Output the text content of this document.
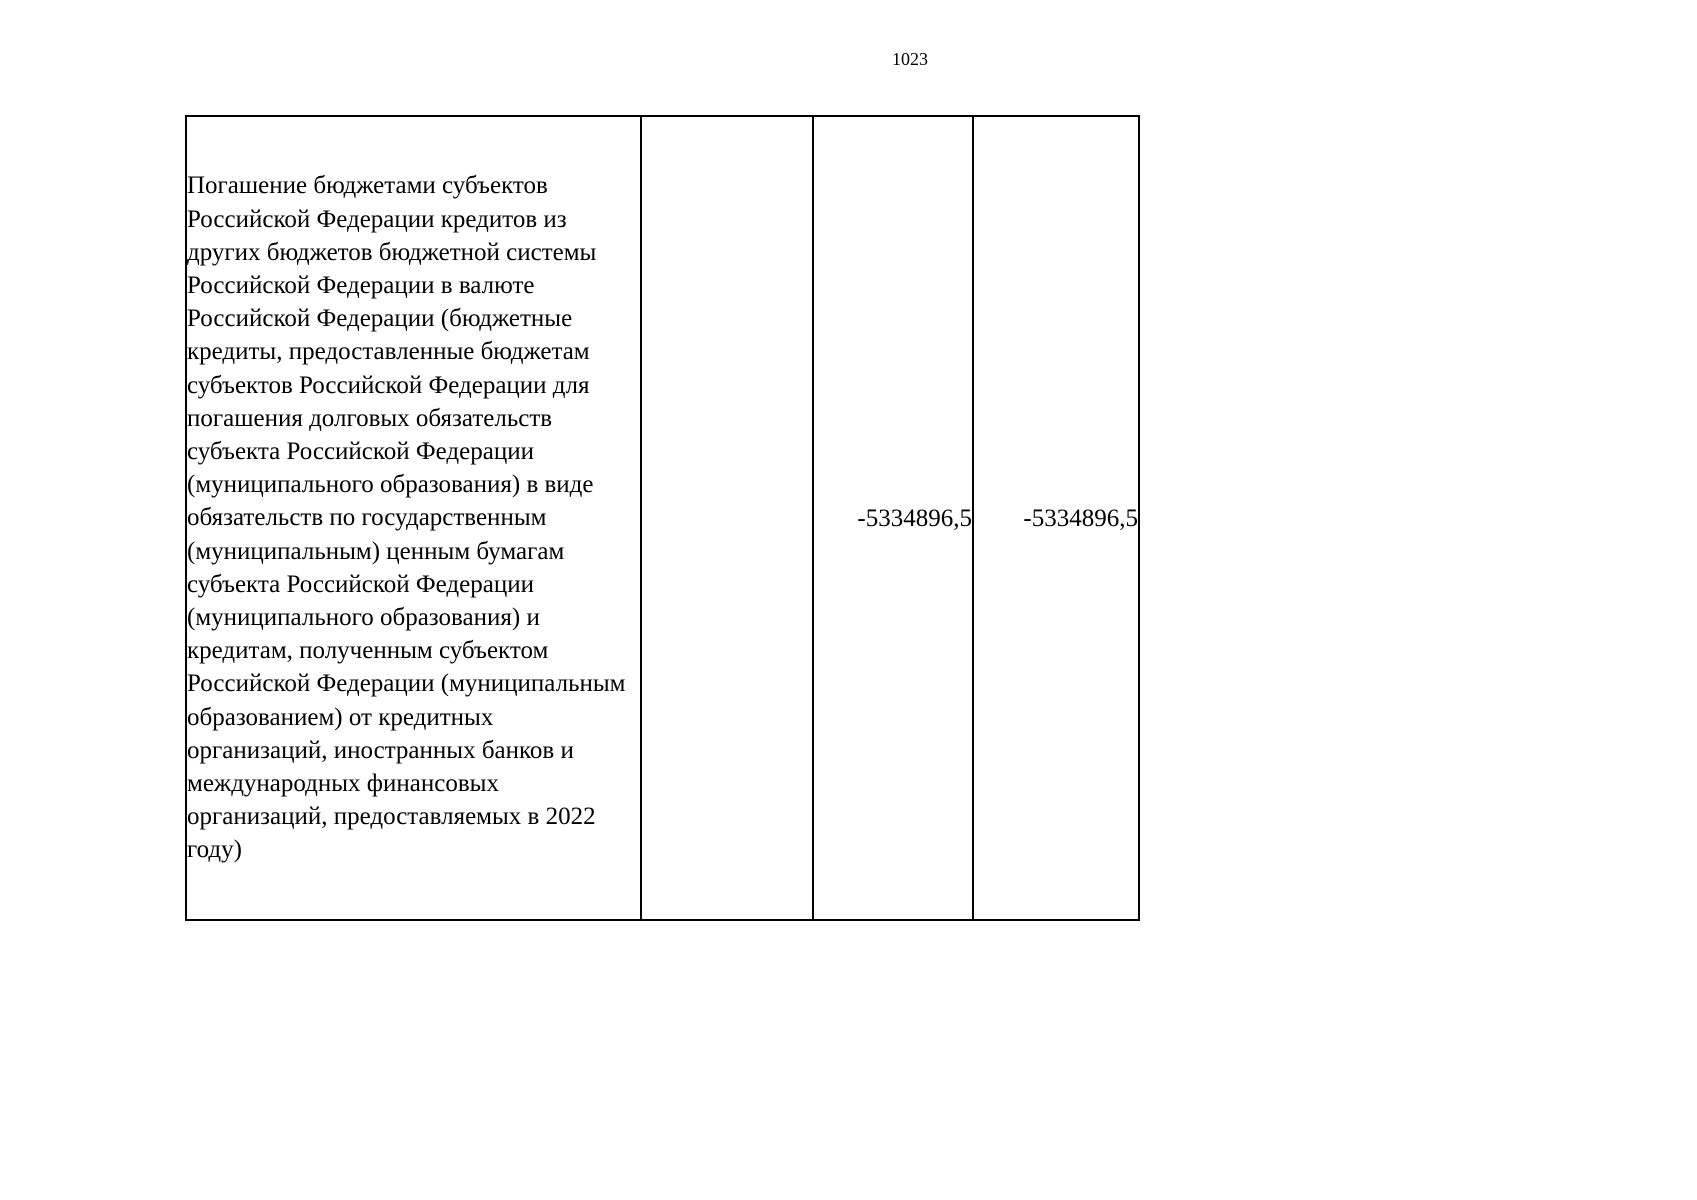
1023
Погашение бюджетами субъектов Российской Федерации кредитов из других бюджетов бюджетной системы Российской Федерации в валюте Российской Федерации (бюджетные кредиты, предоставленные бюджетам субъектов Российской Федерации для погашения долговых обязательств субъекта Российской Федерации (муниципального образования) в виде обязательств по государственным (муниципальным) ценным бумагам субъекта Российской Федерации (муниципального образования) и кредитам, полученным субъектом Российской Федерации (муниципальным образованием) от кредитных организаций, иностранных банков и международных финансовых организаций, предоставляемых в 2022 году)		-5334896,5	-5334896,5
